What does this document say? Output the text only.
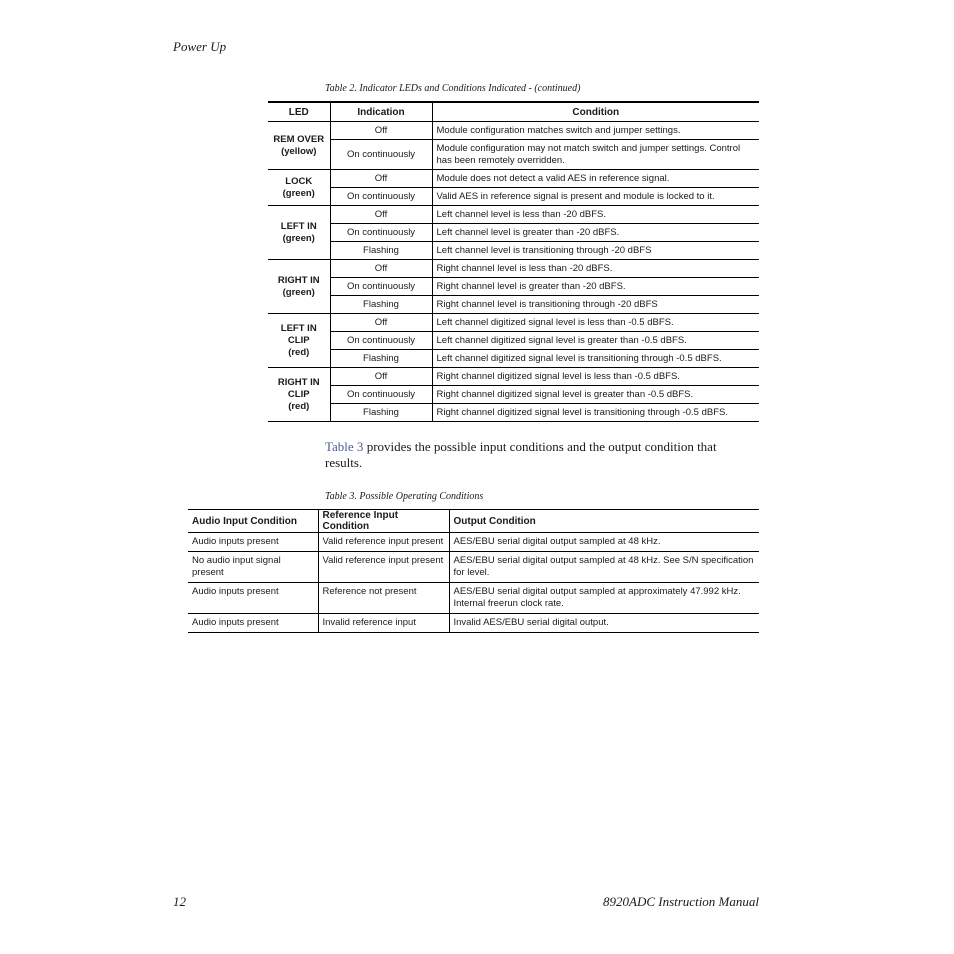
Power Up
Table 2. Indicator LEDs and Conditions Indicated - (continued)
LED	Indication	Condition
REM OVER
(yellow)	Off	Module configuration matches switch and jumper settings.
	On continuously	Module configuration may not match switch and jumper settings. Control has been remotely overridden.
LOCK
(green)	Off	Module does not detect a valid AES in reference signal.
	On continuously	Valid AES in reference signal is present and module is locked to it.
LEFT IN
(green)	Off	Left channel level is less than -20 dBFS.
	On continuously	Left channel level is greater than -20 dBFS.
	Flashing	Left channel level is transitioning through -20 dBFS
RIGHT IN
(green)	Off	Right channel level is less than -20 dBFS.
	On continuously	Right channel level is greater than -20 dBFS.
	Flashing	Right channel level is transitioning through -20 dBFS
LEFT IN
CLIP
(red)	Off	Left channel digitized signal level is less than -0.5 dBFS.
	On continuously	Left channel digitized signal level is greater than -0.5 dBFS.
	Flashing	Left channel digitized signal level is transitioning through -0.5 dBFS.
RIGHT IN
CLIP
(red)	Off	Right channel digitized signal level is less than -0.5 dBFS.
	On continuously	Right channel digitized signal level is greater than -0.5 dBFS.
	Flashing	Right channel digitized signal level is transitioning through -0.5 dBFS.
Table 3 provides the possible input conditions and the output condition that results.
Table 3. Possible Operating Conditions
Audio Input Condition	Reference Input Condition	Output Condition
Audio inputs present	Valid reference input present	AES/EBU serial digital output sampled at 48 kHz.
No audio input signal present	Valid reference input present	AES/EBU serial digital output sampled at 48 kHz. See S/N specification for level.
Audio inputs present	Reference not present	AES/EBU serial digital output sampled at approximately 47.992 kHz. Internal freerun clock rate.
Audio inputs present	Invalid reference input	Invalid AES/EBU serial digital output.
12	8920ADC Instruction Manual
